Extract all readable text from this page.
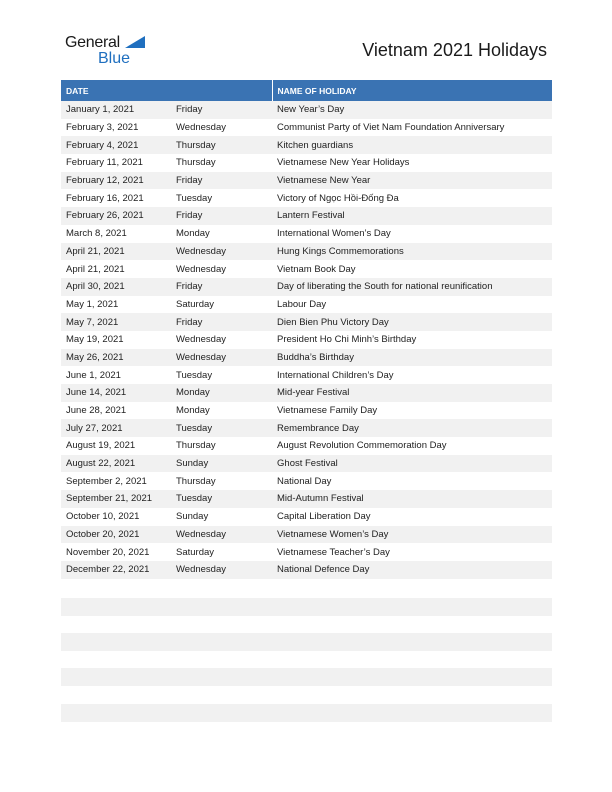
General
Blue	Vietnam 2021 Holidays
DATE		NAME OF HOLIDAY
January 1, 2021	Friday	New Year’s Day
February 3, 2021	Wednesday	Communist Party of Viet Nam Foundation Anniversary
February 4, 2021	Thursday	Kitchen guardians
February 11, 2021	Thursday	Vietnamese New Year Holidays
February 12, 2021	Friday	Vietnamese New Year
February 16, 2021	Tuesday	Victory of Ngọc Hồi-Đống Đa
February 26, 2021	Friday	Lantern Festival
March 8, 2021	Monday	International Women’s Day
April 21, 2021	Wednesday	Hung Kings Commemorations
April 21, 2021	Wednesday	Vietnam Book Day
April 30, 2021	Friday	Day of liberating the South for national reunification
May 1, 2021	Saturday	Labour Day
May 7, 2021	Friday	Dien Bien Phu Victory Day
May 19, 2021	Wednesday	President Ho Chi Minh’s Birthday
May 26, 2021	Wednesday	Buddha’s Birthday
June 1, 2021	Tuesday	International Children’s Day
June 14, 2021	Monday	Mid-year Festival
June 28, 2021	Monday	Vietnamese Family Day
July 27, 2021	Tuesday	Remembrance Day
August 19, 2021	Thursday	August Revolution Commemoration Day
August 22, 2021	Sunday	Ghost Festival
September 2, 2021	Thursday	National Day
September 21, 2021	Tuesday	Mid-Autumn Festival
October 10, 2021	Sunday	Capital Liberation Day
October 20, 2021	Wednesday	Vietnamese Women’s Day
November 20, 2021	Saturday	Vietnamese Teacher’s Day
December 22, 2021	Wednesday	National Defence Day
